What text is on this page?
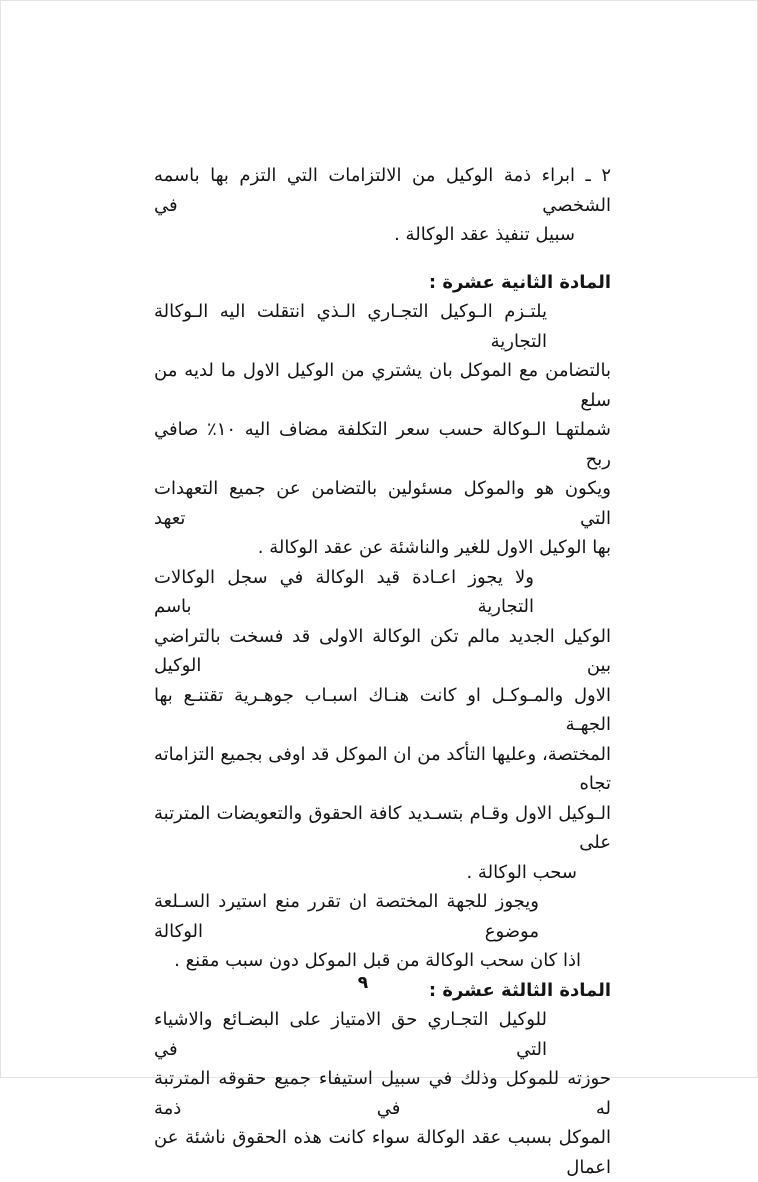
٢ ـ ابراء ذمة الوكيل من الالتزامات التي التزم بها باسمه الشخصي في
سبيل تنفيذ عقد الوكالة .
المادة الثانية عشرة :
يلتـزم الـوكيل التجـاري الـذي انتقلت اليه الـوكالة التجارية
بالتضامن مع الموكل بان يشتري من الوكيل الاول ما لديه من سلع
شملتهـا الـوكالة حسب سعر التكلفة مضاف اليه ١٠٪ صافي ربح
ويكون هو والموكل مسئولين بالتضامن عن جميع التعهدات التي تعهد
بها الوكيل الاول للغير والناشئة عن عقد الوكالة .
ولا يجوز اعـادة قيد الوكالة في سجل الوكالات التجارية باسم
الوكيل الجديد مالم تكن الوكالة الاولى قد فسخت بالتراضي بين الوكيل
الاول والمـوكـل او كانت هنـاك اسبـاب جوهـرية تقتنـع بها الجهـة
المختصة، وعليها التأكد من ان الموكل قد اوفى بجميع التزاماته تجاه
الـوكيل الاول وقـام بتسـديد كافة الحقوق والتعويضات المترتبة على
سحب الوكالة .
ويجوز للجهة المختصة ان تقرر منع استيرد السـلعة موضوع الوكالة
اذا كان سحب الوكالة من قبل الموكل دون سبب مقنع .
المادة الثالثة عشرة :
للوكيل التجـاري حق الامتياز على البضـائع والاشياء التي في
حوزته للموكل وذلك في سبيل استيفاء جميع حقوقه المترتبة له في ذمة
الموكل بسبب عقد الوكالة سواء كانت هذه الحقوق ناشئة عن اعمال
٩
